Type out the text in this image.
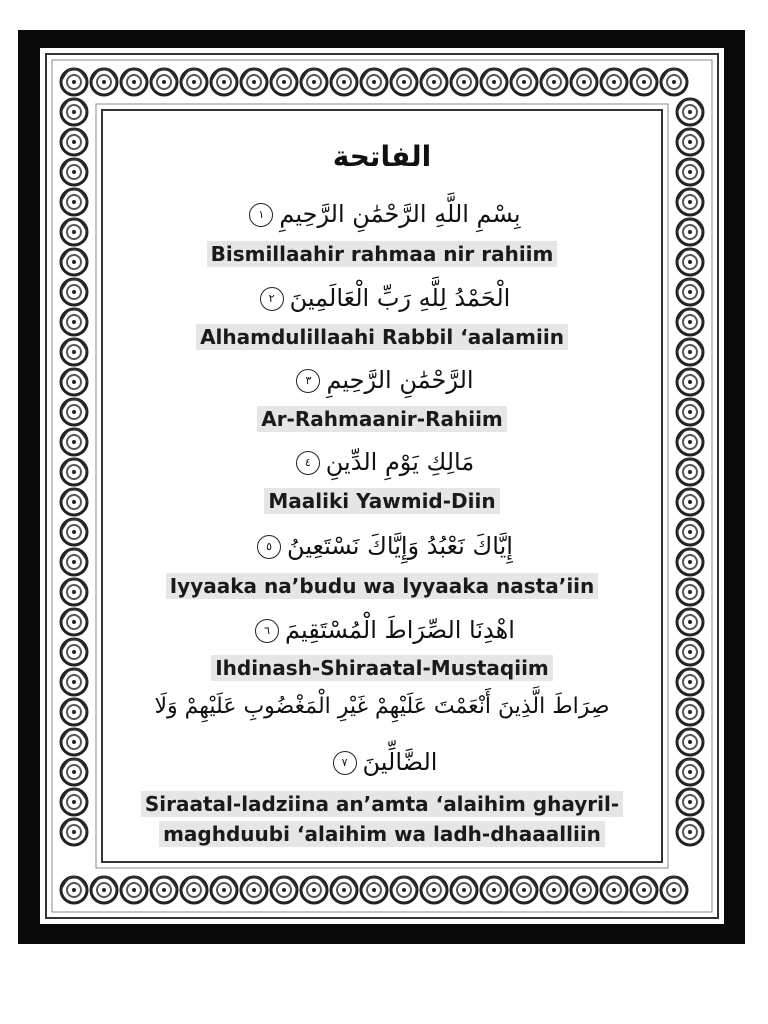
الفاتحة
بِسْمِ اللَّهِ الرَّحْمَٰنِ الرَّحِيمِ١
Bismillaahir rahmaa nir rahiim
الْحَمْدُ لِلَّهِ رَبِّ الْعَالَمِينَ٢
Alhamdulillaahi Rabbil ‘aalamiin
الرَّحْمَٰنِ الرَّحِيمِ٣
Ar-Rahmaanir-Rahiim
مَالِكِ يَوْمِ الدِّينِ٤
Maaliki Yawmid-Diin
إِيَّاكَ نَعْبُدُ وَإِيَّاكَ نَسْتَعِينُ٥
Iyyaaka na’budu wa lyyaaka nasta’iin
اهْدِنَا الصِّرَاطَ الْمُسْتَقِيمَ٦
Ihdinash-Shiraatal-Mustaqiim
صِرَاطَ الَّذِينَ أَنْعَمْتَ عَلَيْهِمْ غَيْرِ الْمَغْضُوبِ عَلَيْهِمْ وَلَا
الضَّالِّينَ٧
Siraatal-ladziina an’amta ‘alaihim ghayril-
maghduubi ‘alaihim wa ladh-dhaaalliin
